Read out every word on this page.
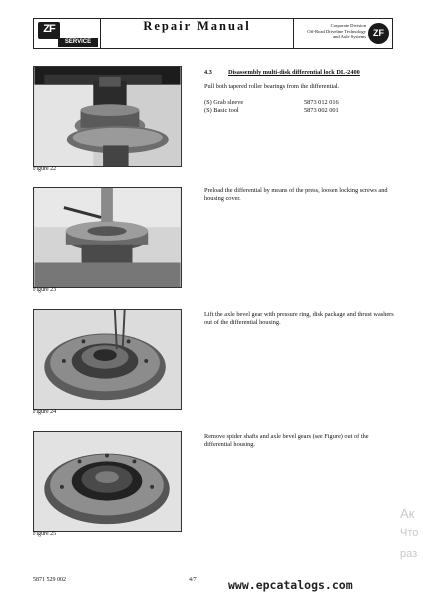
ZF
SERVICE
Repair Manual	Corporate Division
Off-Road Driveline Technology
and Axle Systems ZF
Figure 22
Figure 23
Figure 24
Figure 25
4.3	Disassembly multi-disk differential lock DL-2400
Pull both tapered roller bearings from the differential.
(S) Grab sleeve	5873 012 016
(S) Basic tool	5873 002 001
Preload the differential by means of the press, loosen locking screws and housing cover.
Lift the axle bevel gear with pressure ring, disk package and thrust washers out of the differential housing.
Remove spider shafts and axle bevel gears (see Figure) out of the differential housing.
5871 529 002	4/7	www.epcatalogs.com
Ак
Что
раз
